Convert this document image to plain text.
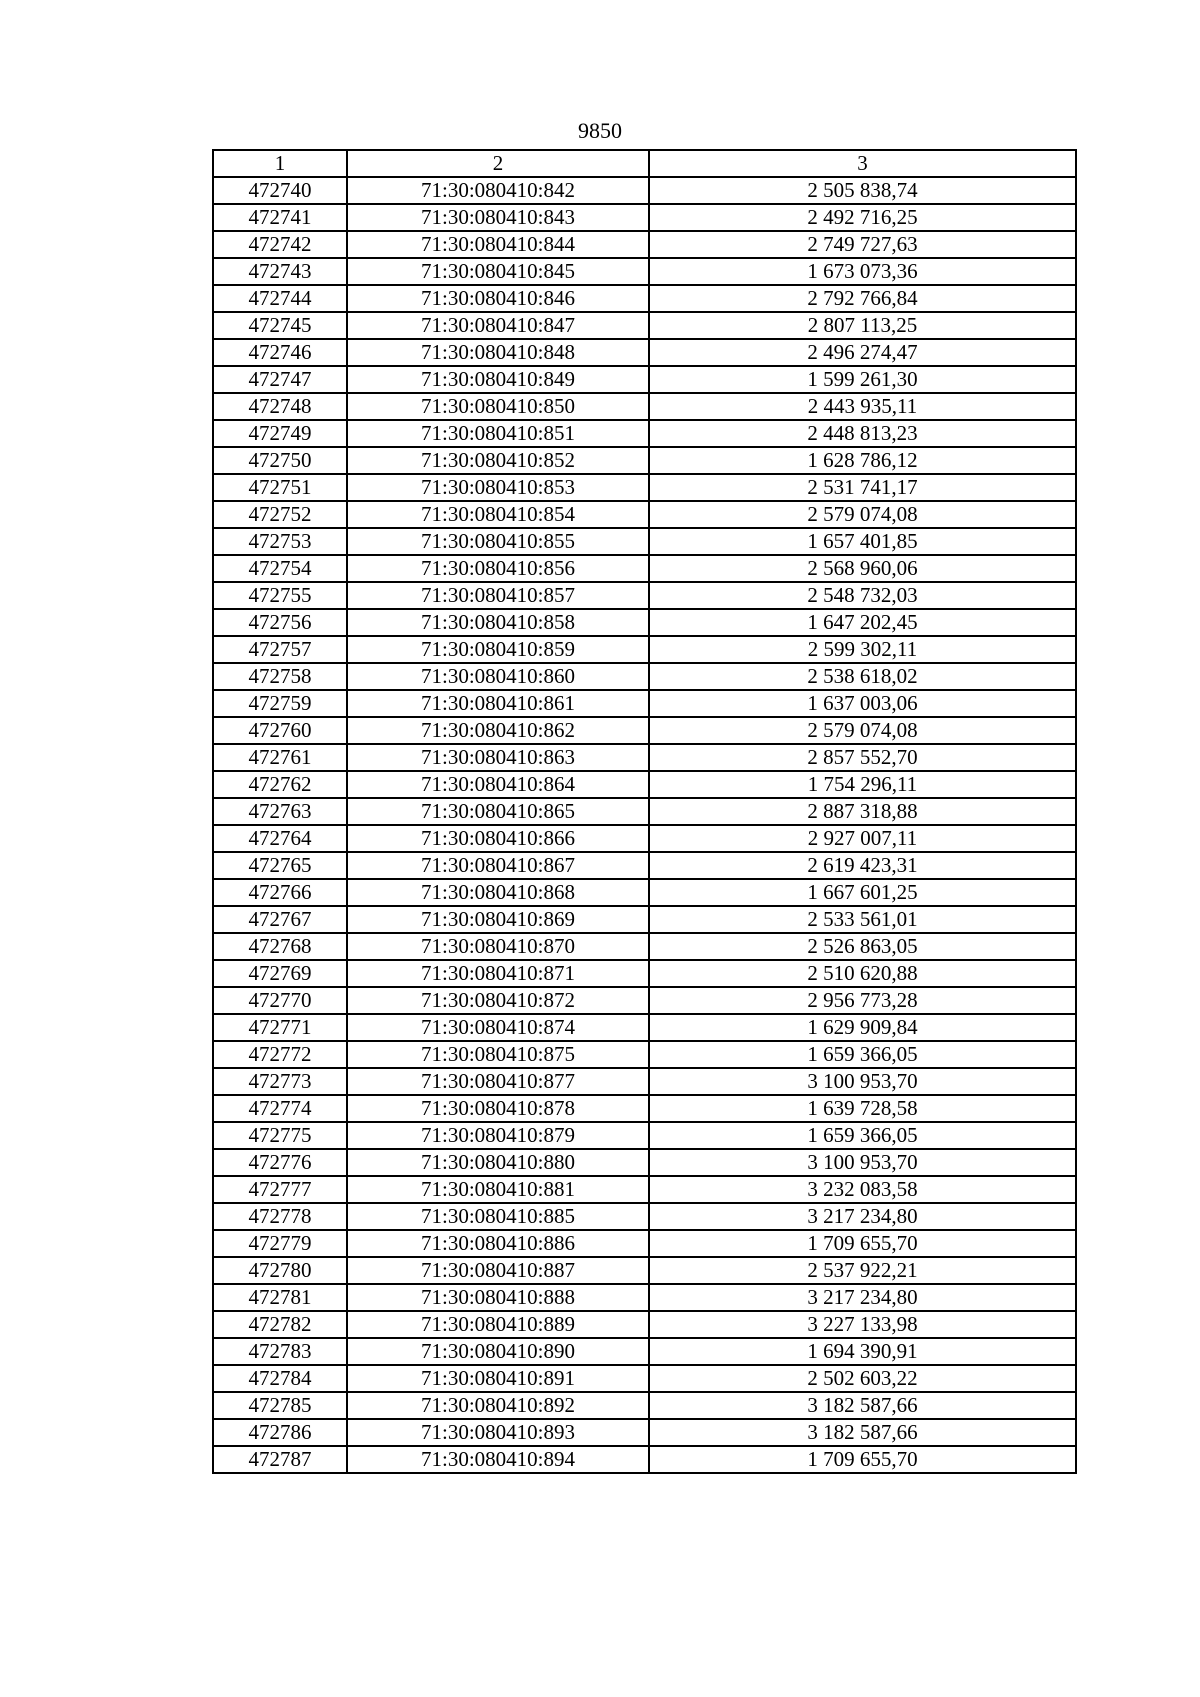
9850
1	2	3
472740	71:30:080410:842	2 505 838,74
472741	71:30:080410:843	2 492 716,25
472742	71:30:080410:844	2 749 727,63
472743	71:30:080410:845	1 673 073,36
472744	71:30:080410:846	2 792 766,84
472745	71:30:080410:847	2 807 113,25
472746	71:30:080410:848	2 496 274,47
472747	71:30:080410:849	1 599 261,30
472748	71:30:080410:850	2 443 935,11
472749	71:30:080410:851	2 448 813,23
472750	71:30:080410:852	1 628 786,12
472751	71:30:080410:853	2 531 741,17
472752	71:30:080410:854	2 579 074,08
472753	71:30:080410:855	1 657 401,85
472754	71:30:080410:856	2 568 960,06
472755	71:30:080410:857	2 548 732,03
472756	71:30:080410:858	1 647 202,45
472757	71:30:080410:859	2 599 302,11
472758	71:30:080410:860	2 538 618,02
472759	71:30:080410:861	1 637 003,06
472760	71:30:080410:862	2 579 074,08
472761	71:30:080410:863	2 857 552,70
472762	71:30:080410:864	1 754 296,11
472763	71:30:080410:865	2 887 318,88
472764	71:30:080410:866	2 927 007,11
472765	71:30:080410:867	2 619 423,31
472766	71:30:080410:868	1 667 601,25
472767	71:30:080410:869	2 533 561,01
472768	71:30:080410:870	2 526 863,05
472769	71:30:080410:871	2 510 620,88
472770	71:30:080410:872	2 956 773,28
472771	71:30:080410:874	1 629 909,84
472772	71:30:080410:875	1 659 366,05
472773	71:30:080410:877	3 100 953,70
472774	71:30:080410:878	1 639 728,58
472775	71:30:080410:879	1 659 366,05
472776	71:30:080410:880	3 100 953,70
472777	71:30:080410:881	3 232 083,58
472778	71:30:080410:885	3 217 234,80
472779	71:30:080410:886	1 709 655,70
472780	71:30:080410:887	2 537 922,21
472781	71:30:080410:888	3 217 234,80
472782	71:30:080410:889	3 227 133,98
472783	71:30:080410:890	1 694 390,91
472784	71:30:080410:891	2 502 603,22
472785	71:30:080410:892	3 182 587,66
472786	71:30:080410:893	3 182 587,66
472787	71:30:080410:894	1 709 655,70
